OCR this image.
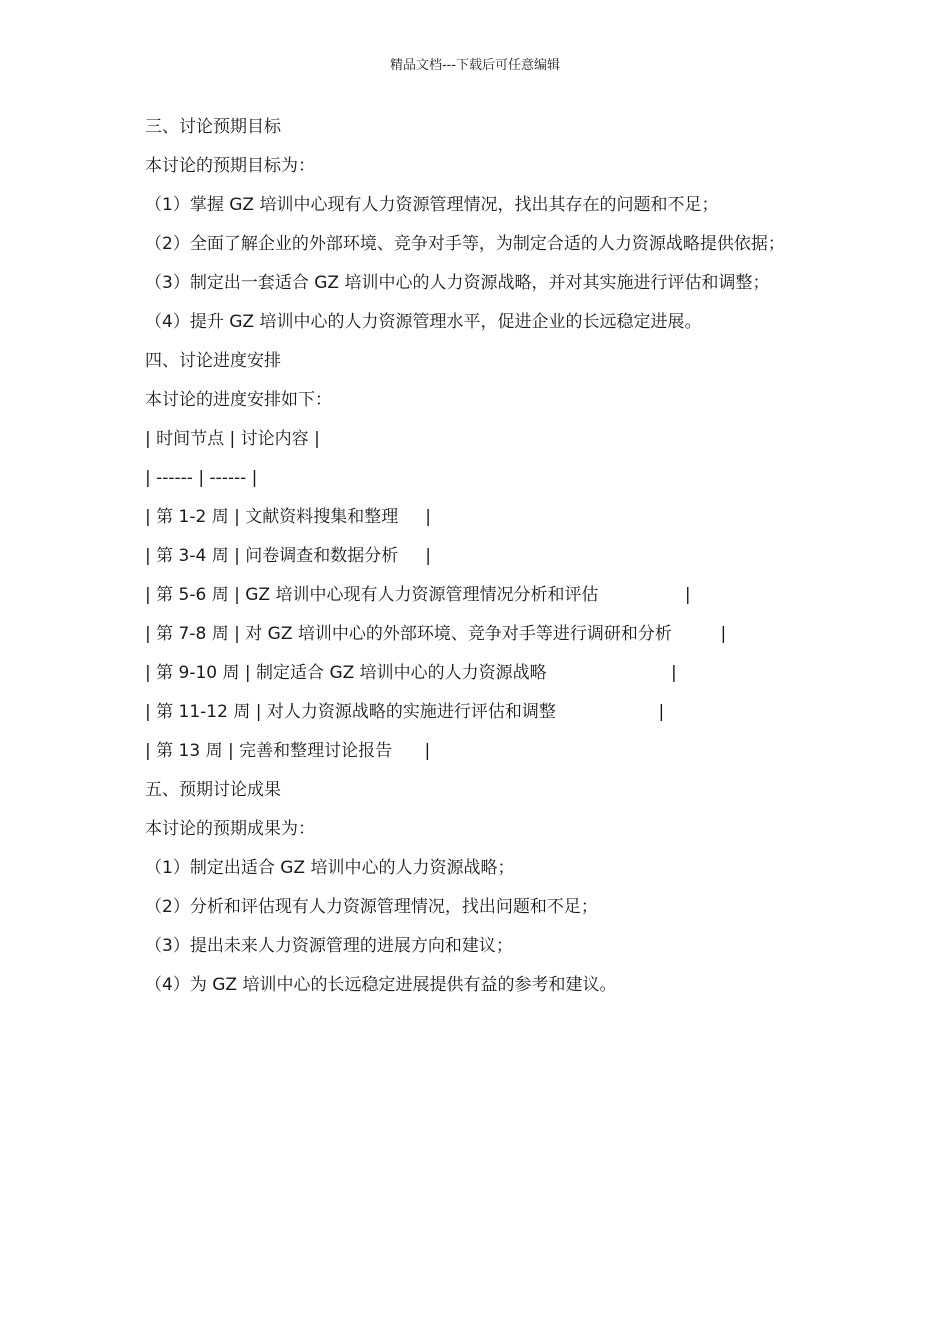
精品文档---下载后可任意编辑
三、讨论预期目标
本讨论的预期目标为：
（1）掌握 GZ 培训中心现有人力资源管理情况，找出其存在的问题和不足；
（2）全面了解企业的外部环境、竞争对手等，为制定合适的人力资源战略提供依据；
（3）制定出一套适合 GZ 培训中心的人力资源战略，并对其实施进行评估和调整；
（4）提升 GZ 培训中心的人力资源管理水平，促进企业的长远稳定进展。
四、讨论进度安排
本讨论的进度安排如下：
| 时间节点 | 讨论内容 |
| ------ | ------ |
| 第 1-2 周 | 文献资料搜集和整理     |
| 第 3-4 周 | 问卷调查和数据分析     |
| 第 5-6 周 | GZ 培训中心现有人力资源管理情况分析和评估                |
| 第 7-8 周 | 对 GZ 培训中心的外部环境、竞争对手等进行调研和分析         |
| 第 9-10 周 | 制定适合 GZ 培训中心的人力资源战略                       |
| 第 11-12 周 | 对人力资源战略的实施进行评估和调整                   |
| 第 13 周 | 完善和整理讨论报告      |
五、预期讨论成果
本讨论的预期成果为：
（1）制定出适合 GZ 培训中心的人力资源战略；
（2）分析和评估现有人力资源管理情况，找出问题和不足；
（3）提出未来人力资源管理的进展方向和建议；
（4）为 GZ 培训中心的长远稳定进展提供有益的参考和建议。
